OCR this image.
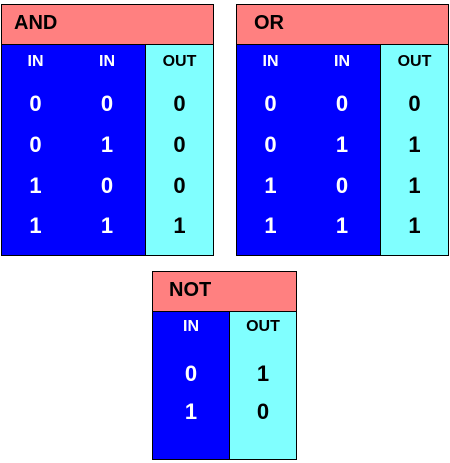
AND
IN
0
0
1
1
IN
0
1
0
1
OUT
0
0
0
1
OR
IN
0
0
1
1
IN
0
1
0
1
OUT
0
1
1
1
NOT
IN
0
1
OUT
1
0
